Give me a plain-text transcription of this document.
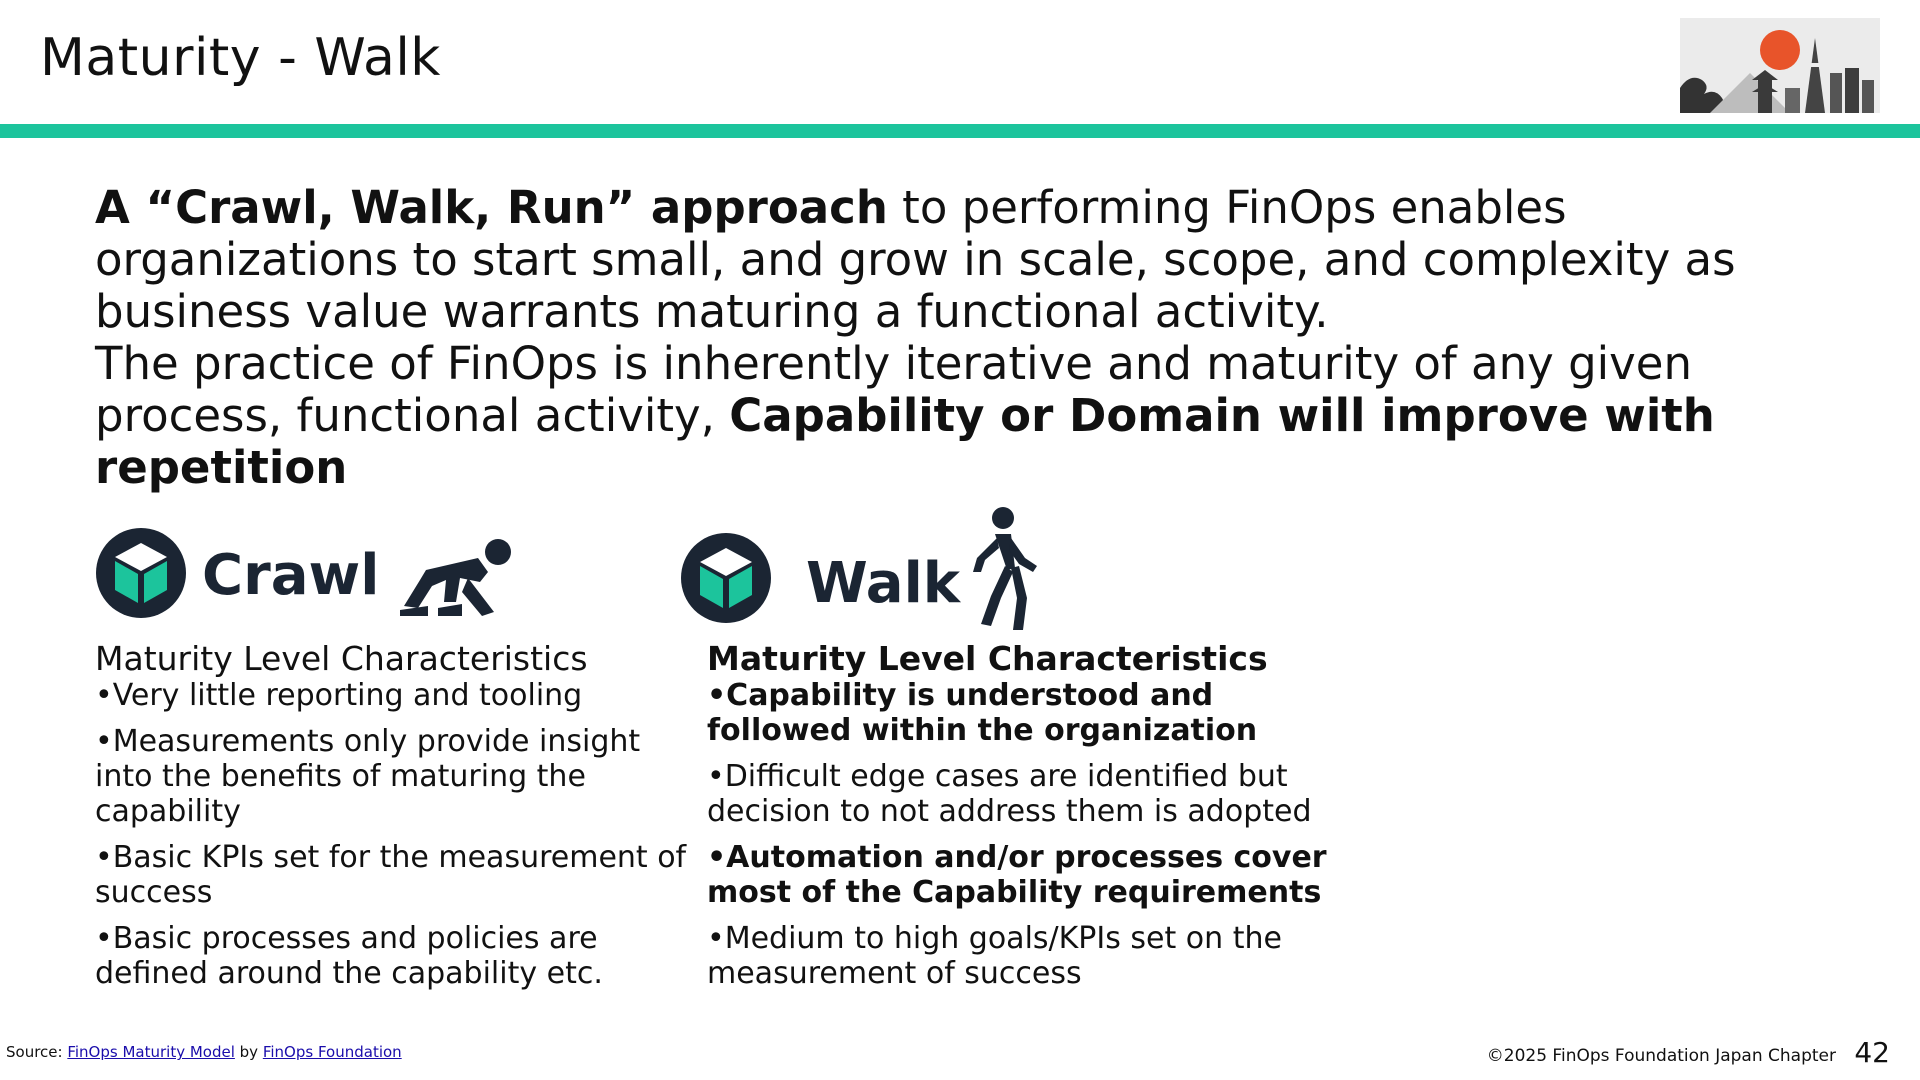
Maturity - Walk
A “Crawl, Walk, Run” approach to performing FinOps enables organizations to start small, and grow in scale, scope, and complexity as business value warrants maturing a functional activity.
The practice of FinOps is inherently iterative and maturity of any given process, functional activity, Capability or Domain will improve with repetition
Crawl	Walk
Maturity Level Characteristics
•Very little reporting and tooling
•Measurements only provide insight into the benefits of maturing the capability
•Basic KPIs set for the measurement of success
•Basic processes and policies are defined around the capability etc.
Maturity Level Characteristics
•Capability is understood and followed within the organization
•Difficult edge cases are identified but decision to not address them is adopted
•Automation and/or processes cover most of the Capability requirements
•Medium to high goals/KPIs set on the measurement of success
Source: FinOps Maturity Model by FinOps Foundation	©2025 FinOps Foundation Japan Chapter 42
